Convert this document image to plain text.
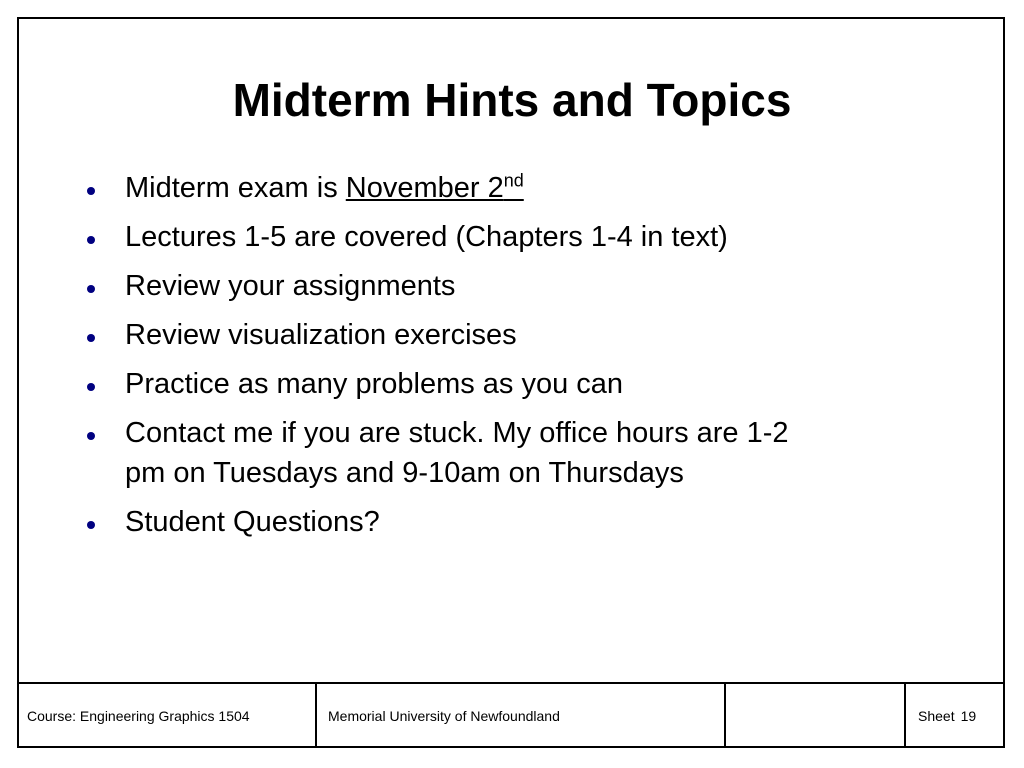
Midterm Hints and Topics
Midterm exam is November 2nd
Lectures 1-5 are covered (Chapters 1-4 in text)
Review your assignments
Review visualization exercises
Practice as many problems as you can
Contact me if you are stuck. My office hours are 1-2
pm on Tuesdays and 9-10am on Thursdays
Student Questions?
Course: Engineering Graphics 1504	Memorial University of Newfoundland	Sheet 19
